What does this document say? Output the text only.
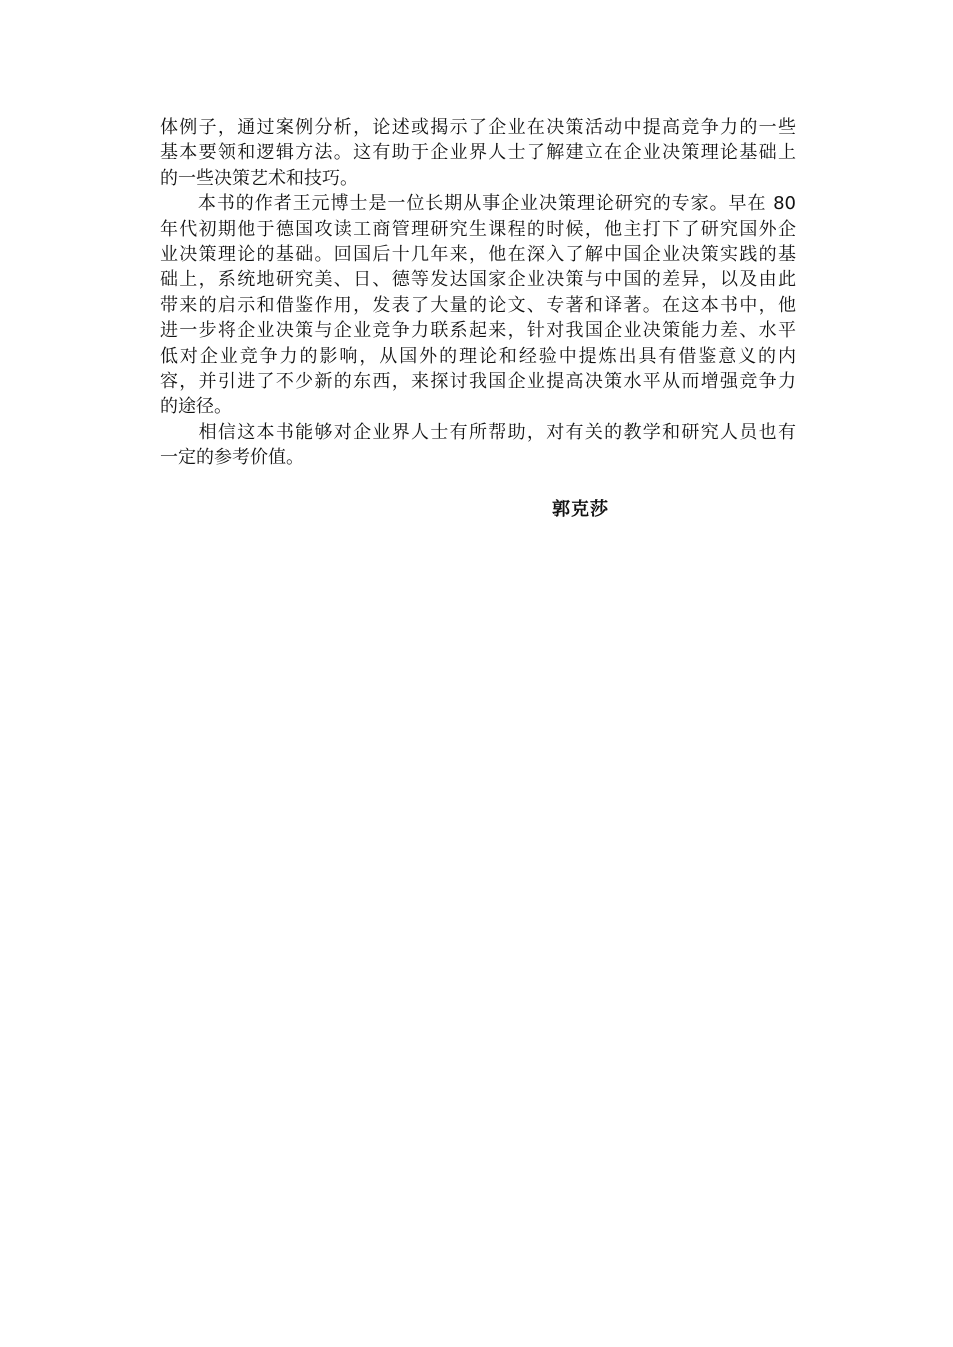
体例子，通过案例分析，论述或揭示了企业在决策活动中提高竞争力的一些
基本要领和逻辑方法。这有助于企业界人士了解建立在企业决策理论基础上
的一些决策艺术和技巧。
　　本书的作者王元博士是一位长期从事企业决策理论研究的专家。早在 80
年代初期他于德国攻读工商管理研究生课程的时候，他主打下了研究国外企
业决策理论的基础。回国后十几年来，他在深入了解中国企业决策实践的基
础上，系统地研究美、日、德等发达国家企业决策与中国的差异，以及由此
带来的启示和借鉴作用，发表了大量的论文、专著和译著。在这本书中，他
进一步将企业决策与企业竞争力联系起来，针对我国企业决策能力差、水平
低对企业竞争力的影响，从国外的理论和经验中提炼出具有借鉴意义的内
容，并引进了不少新的东西，来探讨我国企业提高决策水平从而增强竞争力
的途径。
　　相信这本书能够对企业界人士有所帮助，对有关的教学和研究人员也有
一定的参考价值。
郭克莎
